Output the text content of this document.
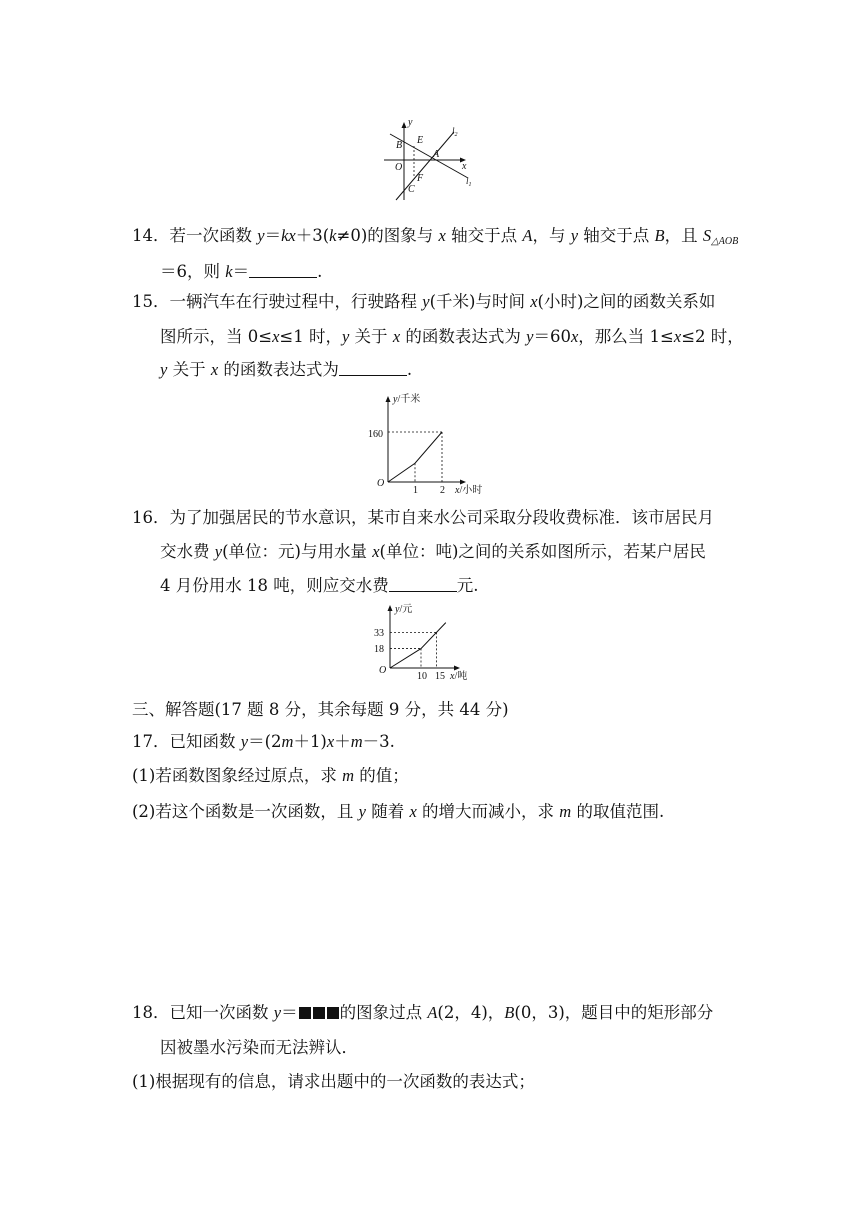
y
x
B E
A
O
F
C
$l_2$
$l_1$
14．若一次函数 y＝kx＋3(k≠0)的图象与 x 轴交于点 A，与 y 轴交于点 B，且 $S_{\triangle AOB}$
＝6，则 k＝	.
15．一辆汽车在行驶过程中，行驶路程 y(千米)与时间 x(小时)之间的函数关系如
图所示，当 0≤x≤1 时，y 关于 x 的函数表达式为 y＝60x，那么当 1≤x≤2 时，
y 关于 x 的函数表达式为	.
y/千米
x/小时
O
160
1 2
16．为了加强居民的节水意识，某市自来水公司采取分段收费标准．该市居民月
交水费 y(单位：元)与用水量 x(单位：吨)之间的关系如图所示，若某户居民
4 月份用水 18 吨，则应交水费	元.
y/元
x/吨
O
33
18
10 15
三、解答题(17 题 8 分，其余每题 9 分，共 44 分)
17．已知函数 y＝(2m＋1)x＋m－3.
(1)若函数图象经过原点，求 m 的值；
(2)若这个函数是一次函数，且 y 随着 x 的增大而减小，求 m 的取值范围.
18．已知一次函数 y＝	的图象过点 A(2，4)，B(0，3)，题目中的矩形部分
因被墨水污染而无法辨认．
(1)根据现有的信息，请求出题中的一次函数的表达式；
